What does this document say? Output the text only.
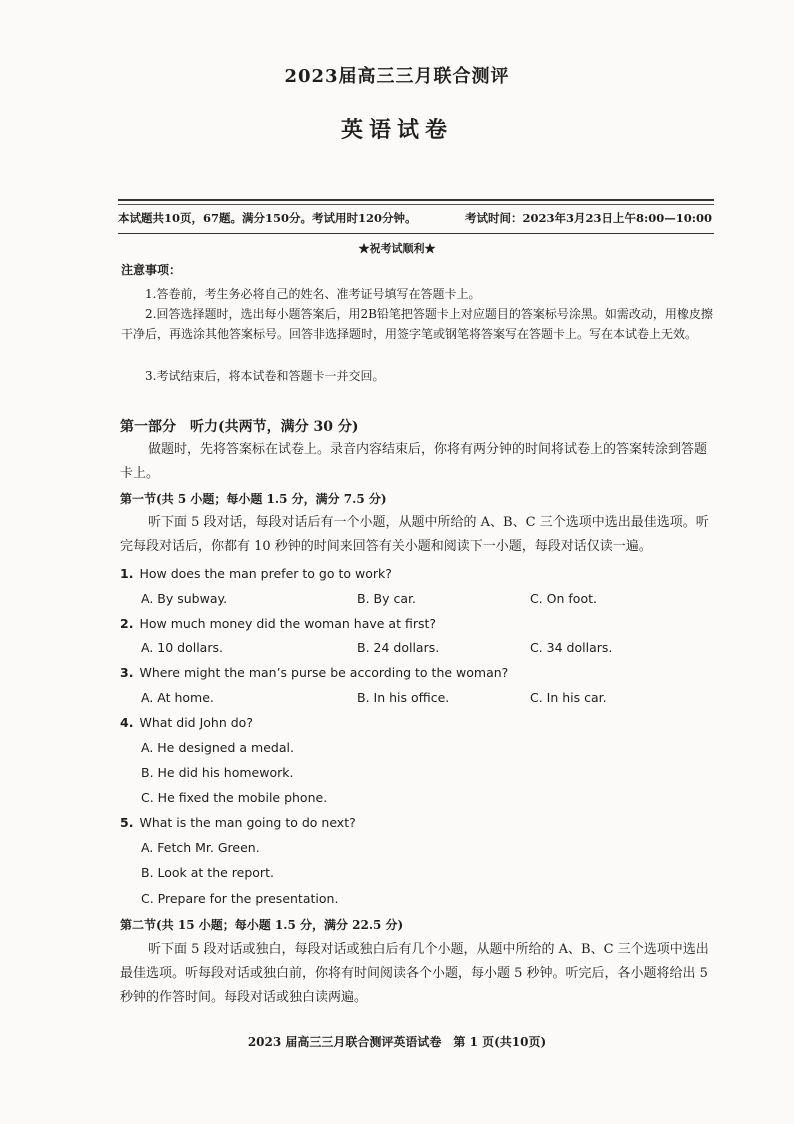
2023届高三三月联合测评
英语试卷
本试题共10页，67题。满分150分。考试用时120分钟。	考试时间：2023年3月23日上午8:00—10:00
★祝考试顺利★
注意事项：
1.答卷前，考生务必将自己的姓名、准考证号填写在答题卡上。
2.回答选择题时，选出每小题答案后，用2B铅笔把答题卡上对应题目的答案标号涂黑。如需改动，用橡皮擦干净后，再选涂其他答案标号。回答非选择题时，用签字笔或钢笔将答案写在答题卡上。写在本试卷上无效。
3.考试结束后，将本试卷和答题卡一并交回。
第一部分　听力(共两节，满分 30 分)
做题时，先将答案标在试卷上。录音内容结束后，你将有两分钟的时间将试卷上的答案转涂到答题卡上。
第一节(共 5 小题；每小题 1.5 分，满分 7.5 分)
听下面 5 段对话，每段对话后有一个小题，从题中所给的 A、B、C 三个选项中选出最佳选项。听完每段对话后，你都有 10 秒钟的时间来回答有关小题和阅读下一小题，每段对话仅读一遍。
1. How does the man prefer to go to work?
A. By subway.	B. By car.	C. On foot.
2. How much money did the woman have at first?
A. 10 dollars.	B. 24 dollars.	C. 34 dollars.
3. Where might the man’s purse be according to the woman?
A. At home.	B. In his office.	C. In his car.
4. What did John do?
A. He designed a medal.
B. He did his homework.
C. He fixed the mobile phone.
5. What is the man going to do next?
A. Fetch Mr. Green.
B. Look at the report.
C. Prepare for the presentation.
第二节(共 15 小题；每小题 1.5 分，满分 22.5 分)
听下面 5 段对话或独白，每段对话或独白后有几个小题，从题中所给的 A、B、C 三个选项中选出最佳选项。听每段对话或独白前，你将有时间阅读各个小题，每小题 5 秒钟。听完后，各小题将给出 5 秒钟的作答时间。每段对话或独白读两遍。
2023 届高三三月联合测评英语试卷　第 1 页(共10页)
